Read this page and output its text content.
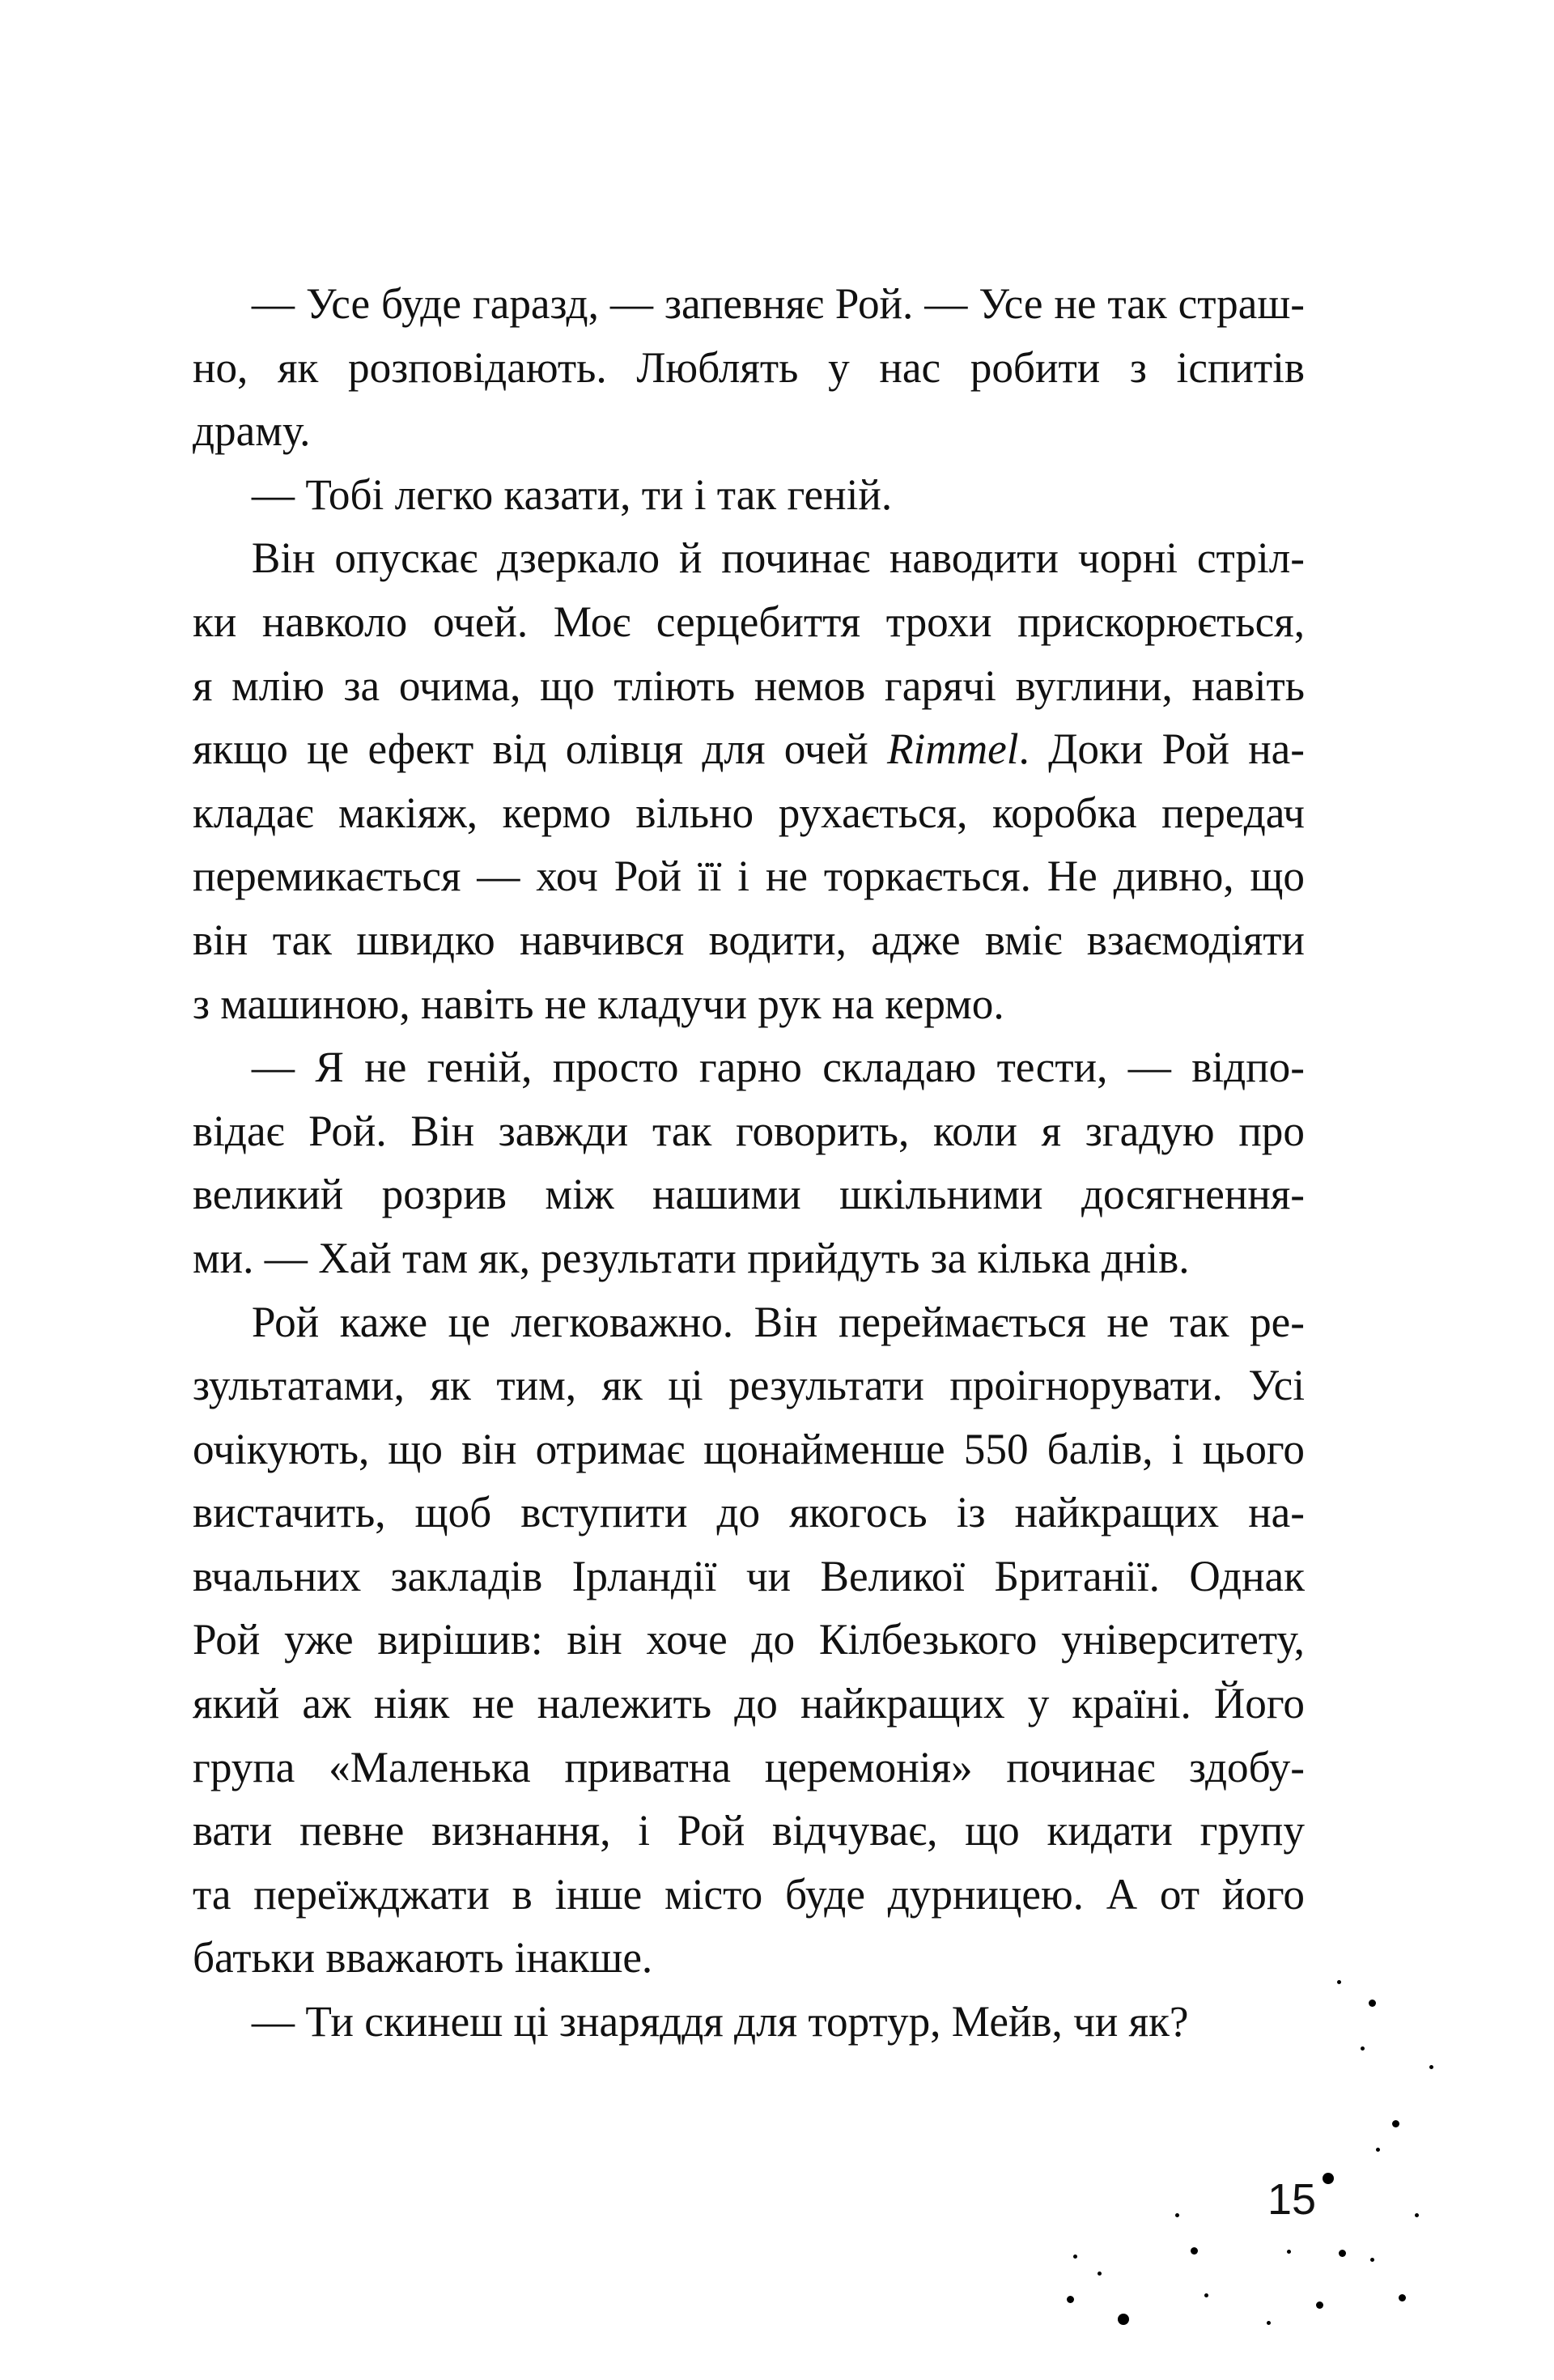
— Усе буде гаразд, — запевняє Рой. — Усе не так страш-
но, як розповідають. Люблять у нас робити з іспитів
драму.
— Тобі легко казати, ти і так геній.
Він опускає дзеркало й починає наводити чорні стріл-
ки навколо очей. Моє серцебиття трохи прискорюється,
я млію за очима, що тліють немов гарячі вуглини, навіть
якщо це ефект від олівця для очей Rimmel. Доки Рой на-
кладає макіяж, кермо вільно рухається, коробка передач
перемикається — хоч Рой її і не торкається. Не дивно, що
він так швидко навчився водити, адже вміє взаємодіяти
з машиною, навіть не кладучи рук на кермо.
— Я не геній, просто гарно складаю тести, — відпо-
відає Рой. Він завжди так говорить, коли я згадую про
великий розрив між нашими шкільними досягнення-
ми. — Хай там як, результати прийдуть за кілька днів.
Рой каже це легковажно. Він переймається не так ре-
зультатами, як тим, як ці результати проігнорувати. Усі
очікують, що він отримає щонайменше 550 балів, і цього
вистачить, щоб вступити до якогось із найкращих на-
вчальних закладів Ірландії чи Великої Британії. Однак
Рой уже вирішив: він хоче до Кілбезького університету,
який аж ніяк не належить до найкращих у країні. Його
група «Маленька приватна церемонія» починає здобу-
вати певне визнання, і Рой відчуває, що кидати групу
та переїжджати в інше місто буде дурницею. А от його
батьки вважають інакше.
— Ти скинеш ці знаряддя для тортур, Мейв, чи як?
15
